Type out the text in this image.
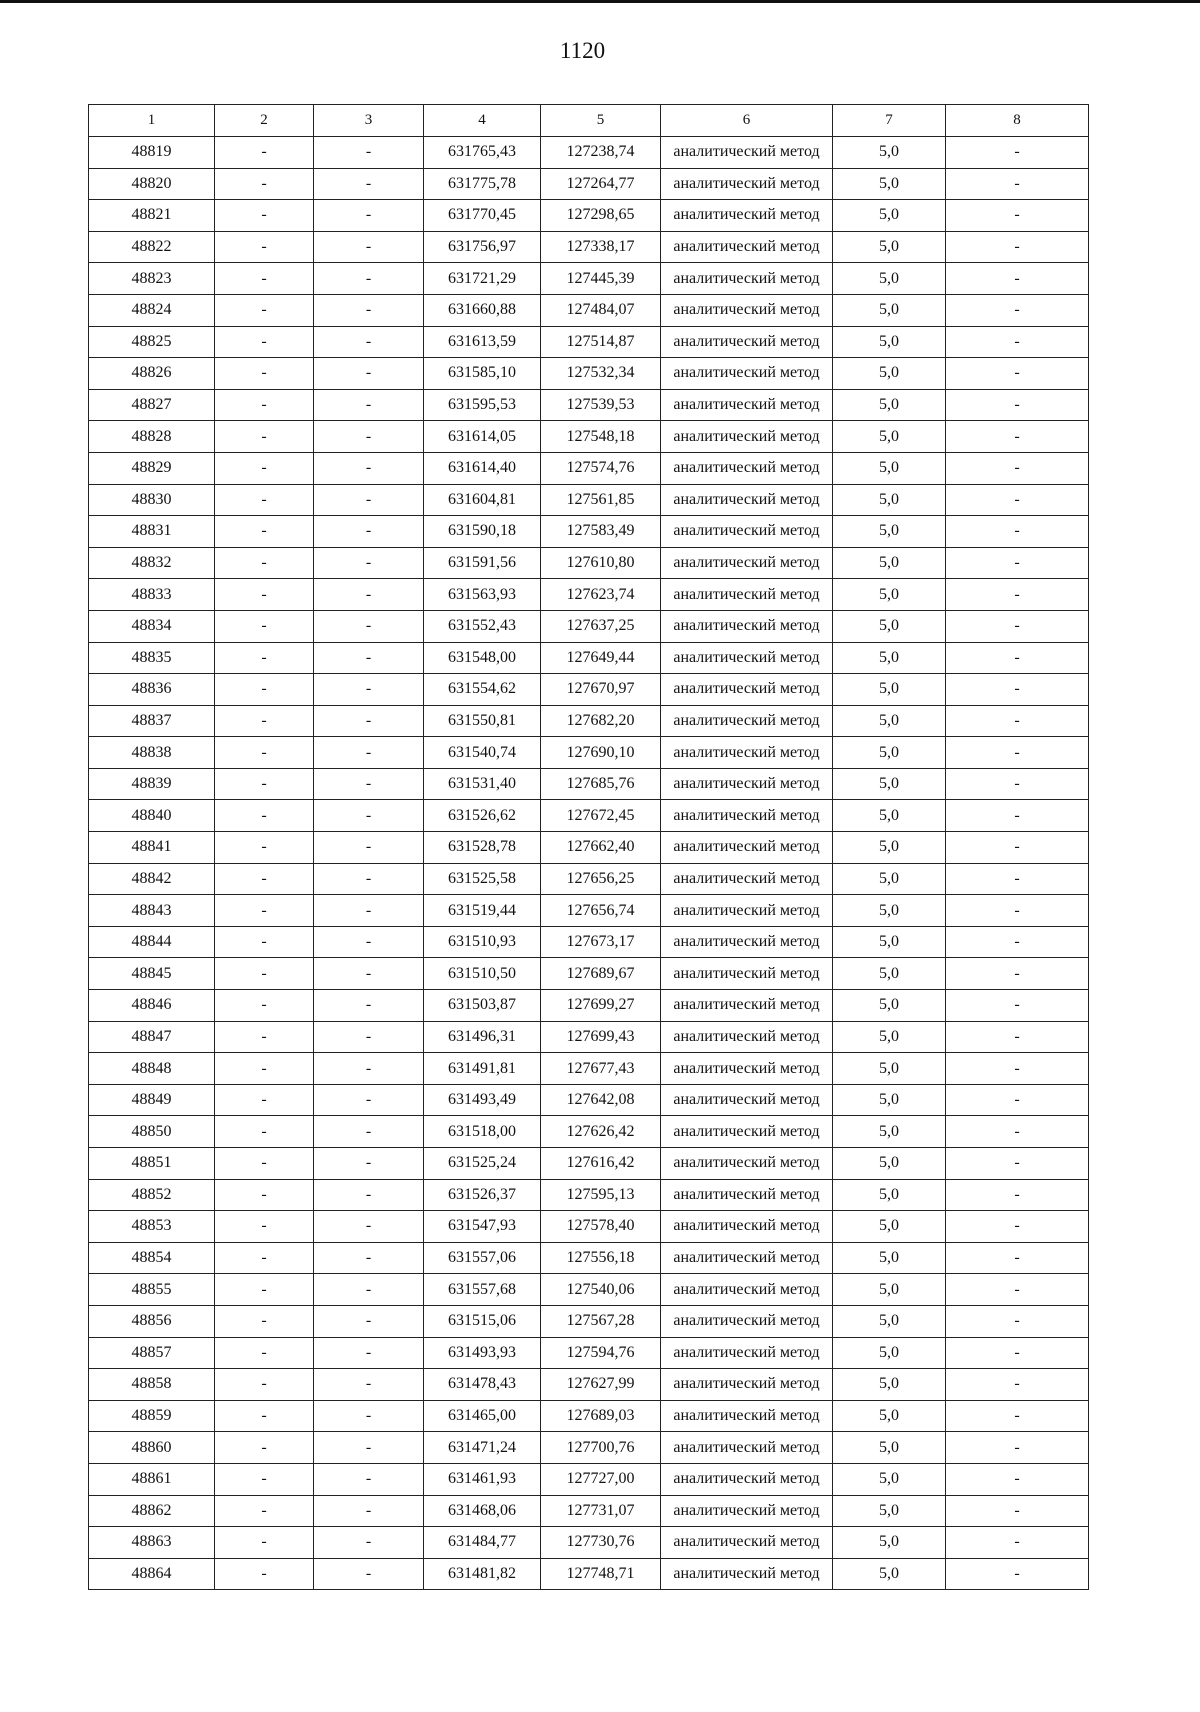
1120
1	2	3	4	5	6	7	8
48819	-	-	631765,43	127238,74	аналитический метод	5,0	-
48820	-	-	631775,78	127264,77	аналитический метод	5,0	-
48821	-	-	631770,45	127298,65	аналитический метод	5,0	-
48822	-	-	631756,97	127338,17	аналитический метод	5,0	-
48823	-	-	631721,29	127445,39	аналитический метод	5,0	-
48824	-	-	631660,88	127484,07	аналитический метод	5,0	-
48825	-	-	631613,59	127514,87	аналитический метод	5,0	-
48826	-	-	631585,10	127532,34	аналитический метод	5,0	-
48827	-	-	631595,53	127539,53	аналитический метод	5,0	-
48828	-	-	631614,05	127548,18	аналитический метод	5,0	-
48829	-	-	631614,40	127574,76	аналитический метод	5,0	-
48830	-	-	631604,81	127561,85	аналитический метод	5,0	-
48831	-	-	631590,18	127583,49	аналитический метод	5,0	-
48832	-	-	631591,56	127610,80	аналитический метод	5,0	-
48833	-	-	631563,93	127623,74	аналитический метод	5,0	-
48834	-	-	631552,43	127637,25	аналитический метод	5,0	-
48835	-	-	631548,00	127649,44	аналитический метод	5,0	-
48836	-	-	631554,62	127670,97	аналитический метод	5,0	-
48837	-	-	631550,81	127682,20	аналитический метод	5,0	-
48838	-	-	631540,74	127690,10	аналитический метод	5,0	-
48839	-	-	631531,40	127685,76	аналитический метод	5,0	-
48840	-	-	631526,62	127672,45	аналитический метод	5,0	-
48841	-	-	631528,78	127662,40	аналитический метод	5,0	-
48842	-	-	631525,58	127656,25	аналитический метод	5,0	-
48843	-	-	631519,44	127656,74	аналитический метод	5,0	-
48844	-	-	631510,93	127673,17	аналитический метод	5,0	-
48845	-	-	631510,50	127689,67	аналитический метод	5,0	-
48846	-	-	631503,87	127699,27	аналитический метод	5,0	-
48847	-	-	631496,31	127699,43	аналитический метод	5,0	-
48848	-	-	631491,81	127677,43	аналитический метод	5,0	-
48849	-	-	631493,49	127642,08	аналитический метод	5,0	-
48850	-	-	631518,00	127626,42	аналитический метод	5,0	-
48851	-	-	631525,24	127616,42	аналитический метод	5,0	-
48852	-	-	631526,37	127595,13	аналитический метод	5,0	-
48853	-	-	631547,93	127578,40	аналитический метод	5,0	-
48854	-	-	631557,06	127556,18	аналитический метод	5,0	-
48855	-	-	631557,68	127540,06	аналитический метод	5,0	-
48856	-	-	631515,06	127567,28	аналитический метод	5,0	-
48857	-	-	631493,93	127594,76	аналитический метод	5,0	-
48858	-	-	631478,43	127627,99	аналитический метод	5,0	-
48859	-	-	631465,00	127689,03	аналитический метод	5,0	-
48860	-	-	631471,24	127700,76	аналитический метод	5,0	-
48861	-	-	631461,93	127727,00	аналитический метод	5,0	-
48862	-	-	631468,06	127731,07	аналитический метод	5,0	-
48863	-	-	631484,77	127730,76	аналитический метод	5,0	-
48864	-	-	631481,82	127748,71	аналитический метод	5,0	-
